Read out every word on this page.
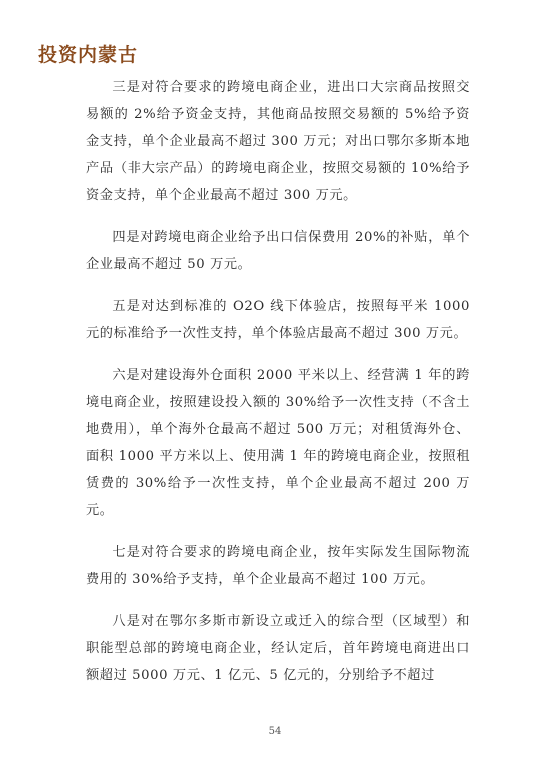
投资内蒙古

三是对符合要求的跨境电商企业，进出口大宗商品按照交易额的 2%给予资金支持，其他商品按照交易额的 5%给予资金支持，单个企业最高不超过 300 万元；对出口鄂尔多斯本地产品（非大宗产品）的跨境电商企业，按照交易额的 10%给予资金支持，单个企业最高不超过 300 万元。

四是对跨境电商企业给予出口信保费用 20%的补贴，单个企业最高不超过 50 万元。

五是对达到标准的 O2O 线下体验店，按照每平米 1000 元的标准给予一次性支持，单个体验店最高不超过 300 万元。

六是对建设海外仓面积 2000 平米以上、经营满 1 年的跨境电商企业，按照建设投入额的 30%给予一次性支持（不含土地费用），单个海外仓最高不超过 500 万元；对租赁海外仓、面积 1000 平方米以上、使用满 1 年的跨境电商企业，按照租赁费的 30%给予一次性支持，单个企业最高不超过 200 万元。

七是对符合要求的跨境电商企业，按年实际发生国际物流费用的 30%给予支持，单个企业最高不超过 100 万元。

八是对在鄂尔多斯市新设立或迁入的综合型（区域型）和职能型总部的跨境电商企业，经认定后，首年跨境电商进出口额超过 5000 万元、1 亿元、5 亿元的，分别给予不超过

54
